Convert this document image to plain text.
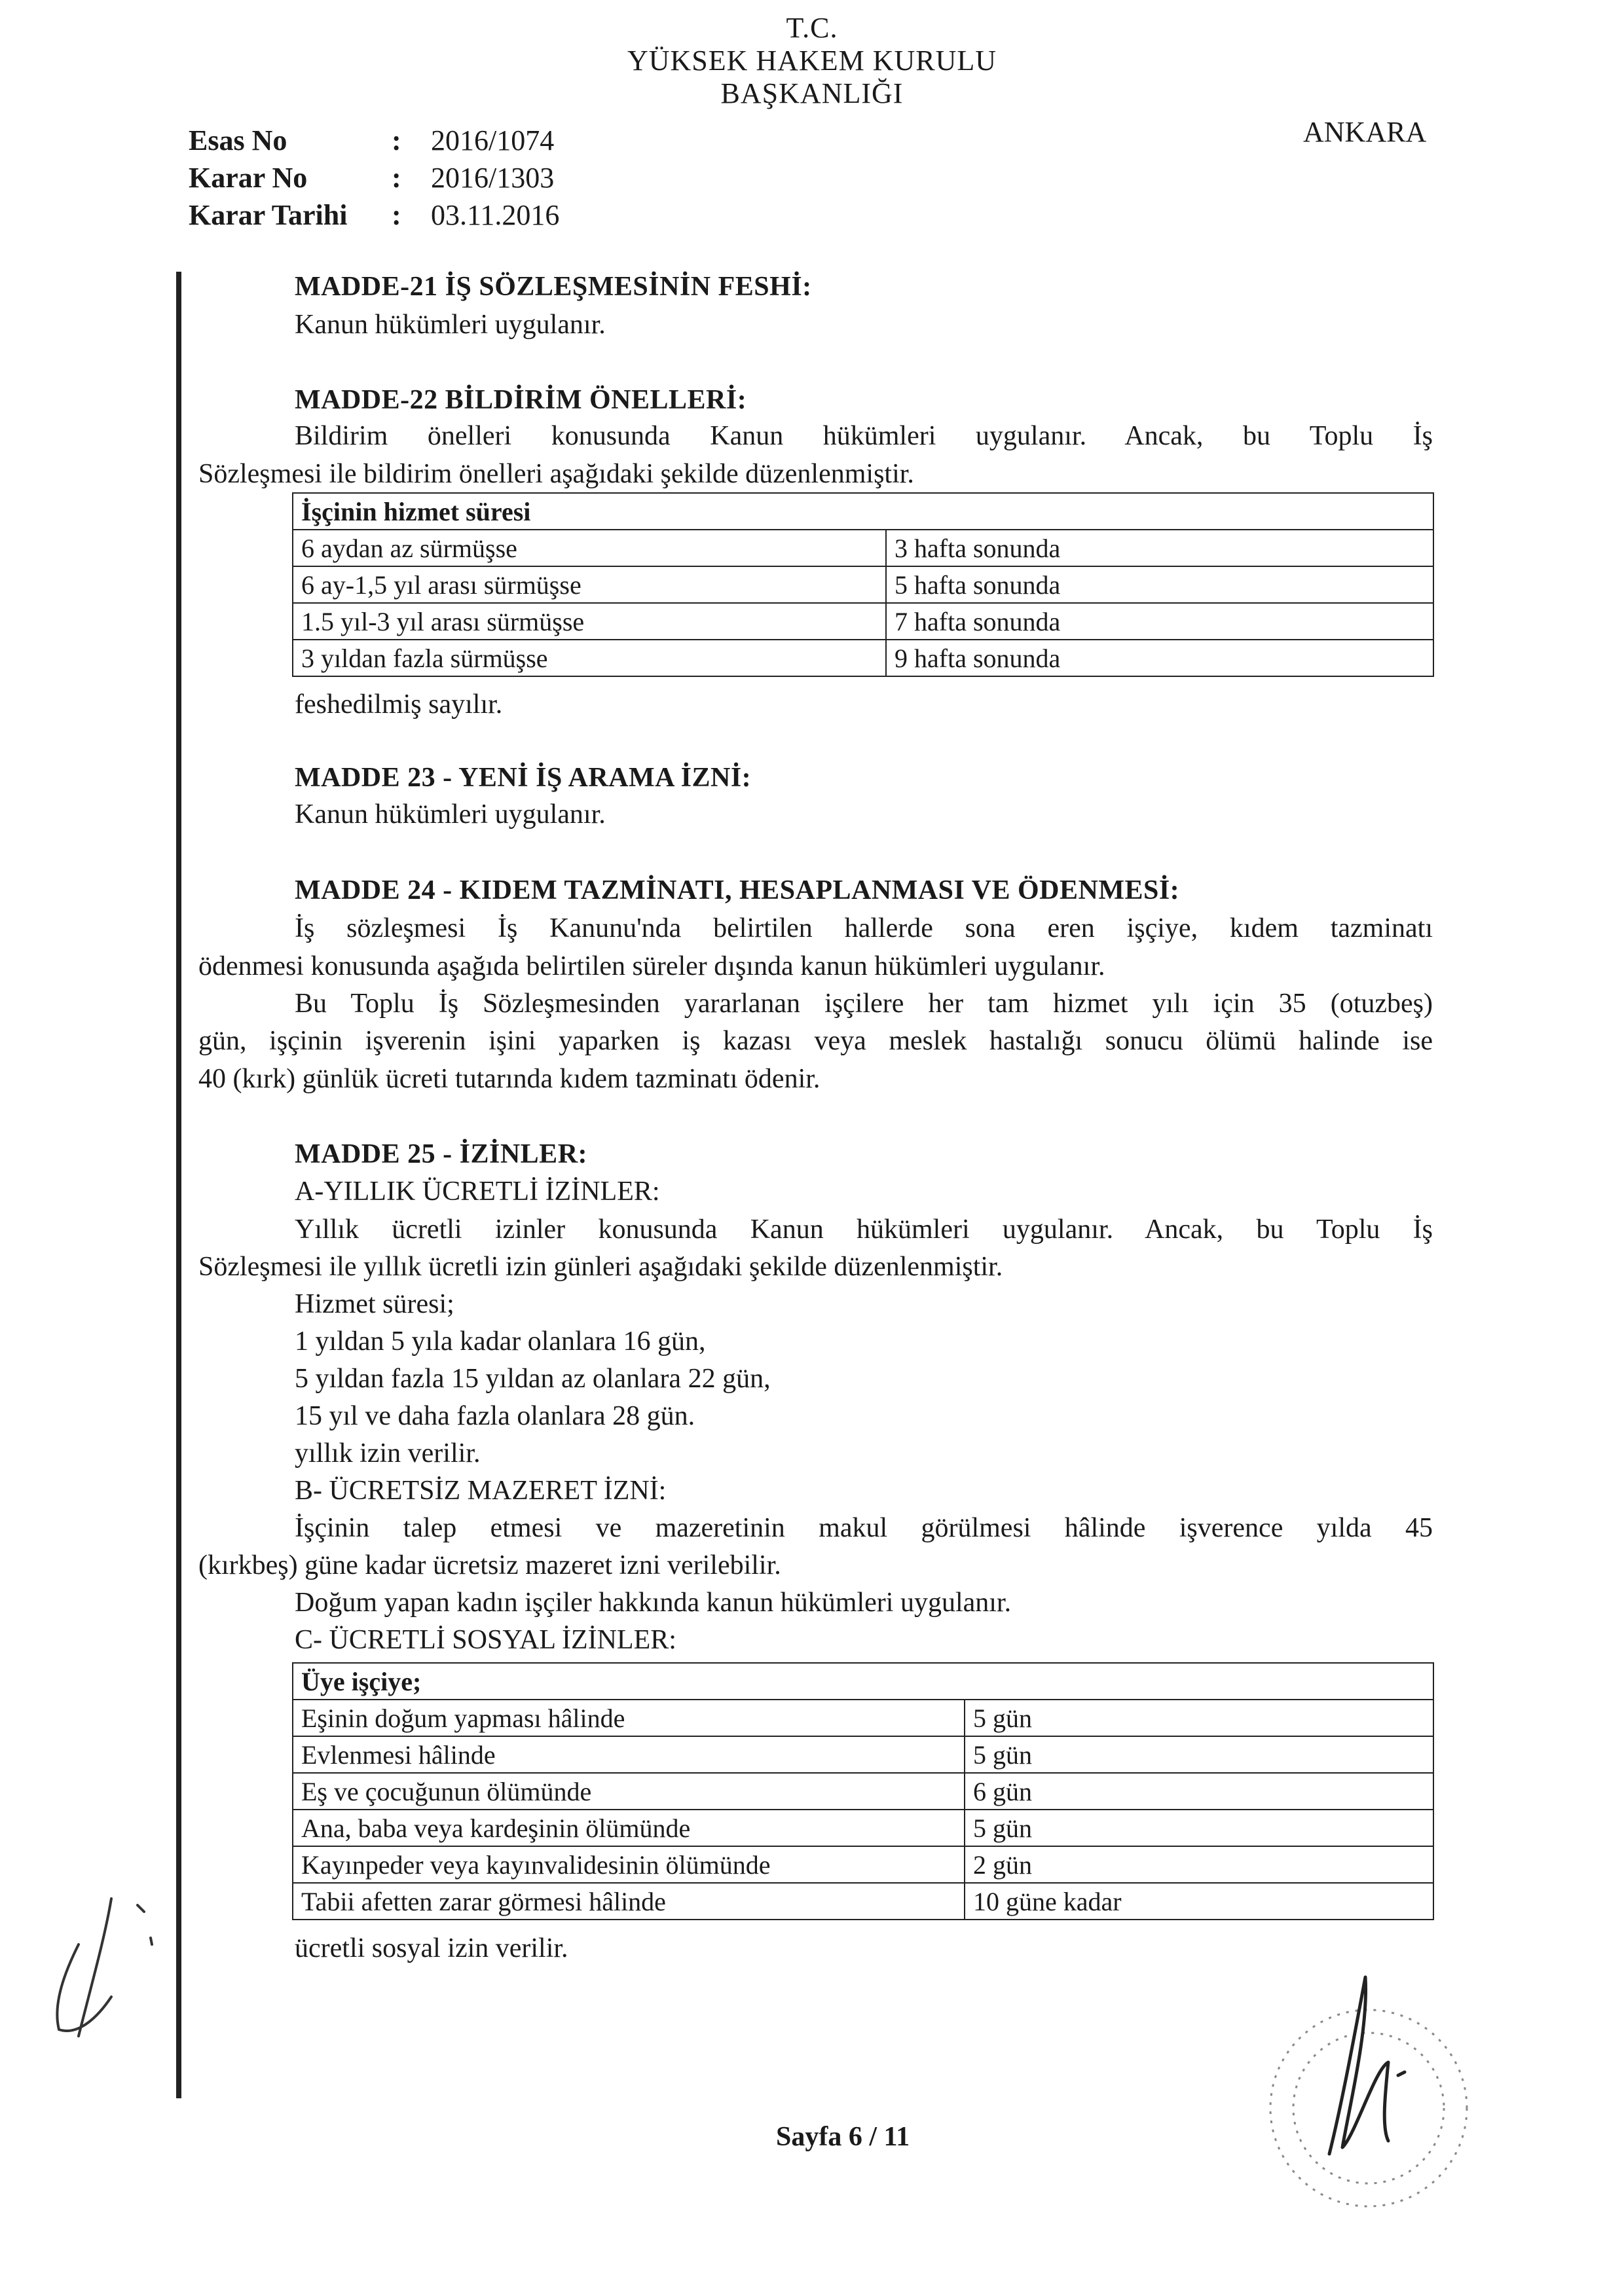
T.C.
YÜKSEK HAKEM KURULU
BAŞKANLIĞI
ANKARA
Esas No	: 2016/1074
Karar No	: 2016/1303
Karar Tarihi : 03.11.2016
MADDE-21 İŞ SÖZLEŞMESİNİN FESHİ:
Kanun hükümleri uygulanır.
MADDE-22 BİLDİRİM ÖNELLERİ:
Bildirim önelleri konusunda Kanun hükümleri uygulanır. Ancak, bu Toplu İş
Sözleşmesi ile bildirim önelleri aşağıdaki şekilde düzenlenmiştir.
İşçinin hizmet süresi	
6 aydan az sürmüşse	3 hafta sonunda
6 ay-1,5 yıl arası sürmüşse	5 hafta sonunda
1.5 yıl-3 yıl arası sürmüşse	7 hafta sonunda
3 yıldan fazla sürmüşse	9 hafta sonunda
feshedilmiş sayılır.
MADDE 23 - YENİ İŞ ARAMA İZNİ:
Kanun hükümleri uygulanır.
MADDE 24 - KIDEM TAZMİNATI, HESAPLANMASI VE ÖDENMESİ:
İş sözleşmesi İş Kanunu'nda belirtilen hallerde sona eren işçiye, kıdem tazminatı
ödenmesi konusunda aşağıda belirtilen süreler dışında kanun hükümleri uygulanır.
Bu Toplu İş Sözleşmesinden yararlanan işçilere her tam hizmet yılı için 35 (otuzbeş)
gün, işçinin işverenin işini yaparken iş kazası veya meslek hastalığı sonucu ölümü halinde ise
40 (kırk) günlük ücreti tutarında kıdem tazminatı ödenir.
MADDE 25 - İZİNLER:
A-YILLIK ÜCRETLİ İZİNLER:
Yıllık ücretli izinler konusunda Kanun hükümleri uygulanır. Ancak, bu Toplu İş
Sözleşmesi ile yıllık ücretli izin günleri aşağıdaki şekilde düzenlenmiştir.
Hizmet süresi;
1 yıldan 5 yıla kadar olanlara 16 gün,
5 yıldan fazla 15 yıldan az olanlara 22 gün,
15 yıl ve daha fazla olanlara 28 gün.
yıllık izin verilir.
B- ÜCRETSİZ MAZERET İZNİ:
İşçinin talep etmesi ve mazeretinin makul görülmesi hâlinde işverence yılda 45
(kırkbeş) güne kadar ücretsiz mazeret izni verilebilir.
Doğum yapan kadın işçiler hakkında kanun hükümleri uygulanır.
C- ÜCRETLİ SOSYAL İZİNLER:
Üye işçiye;	
Eşinin doğum yapması hâlinde	5 gün
Evlenmesi hâlinde	5 gün
Eş ve çocuğunun ölümünde	6 gün
Ana, baba veya kardeşinin ölümünde	5 gün
Kayınpeder veya kayınvalidesinin ölümünde	2 gün
Tabii afetten zarar görmesi hâlinde	10 güne kadar
ücretli sosyal izin verilir.
Sayfa 6 / 11
